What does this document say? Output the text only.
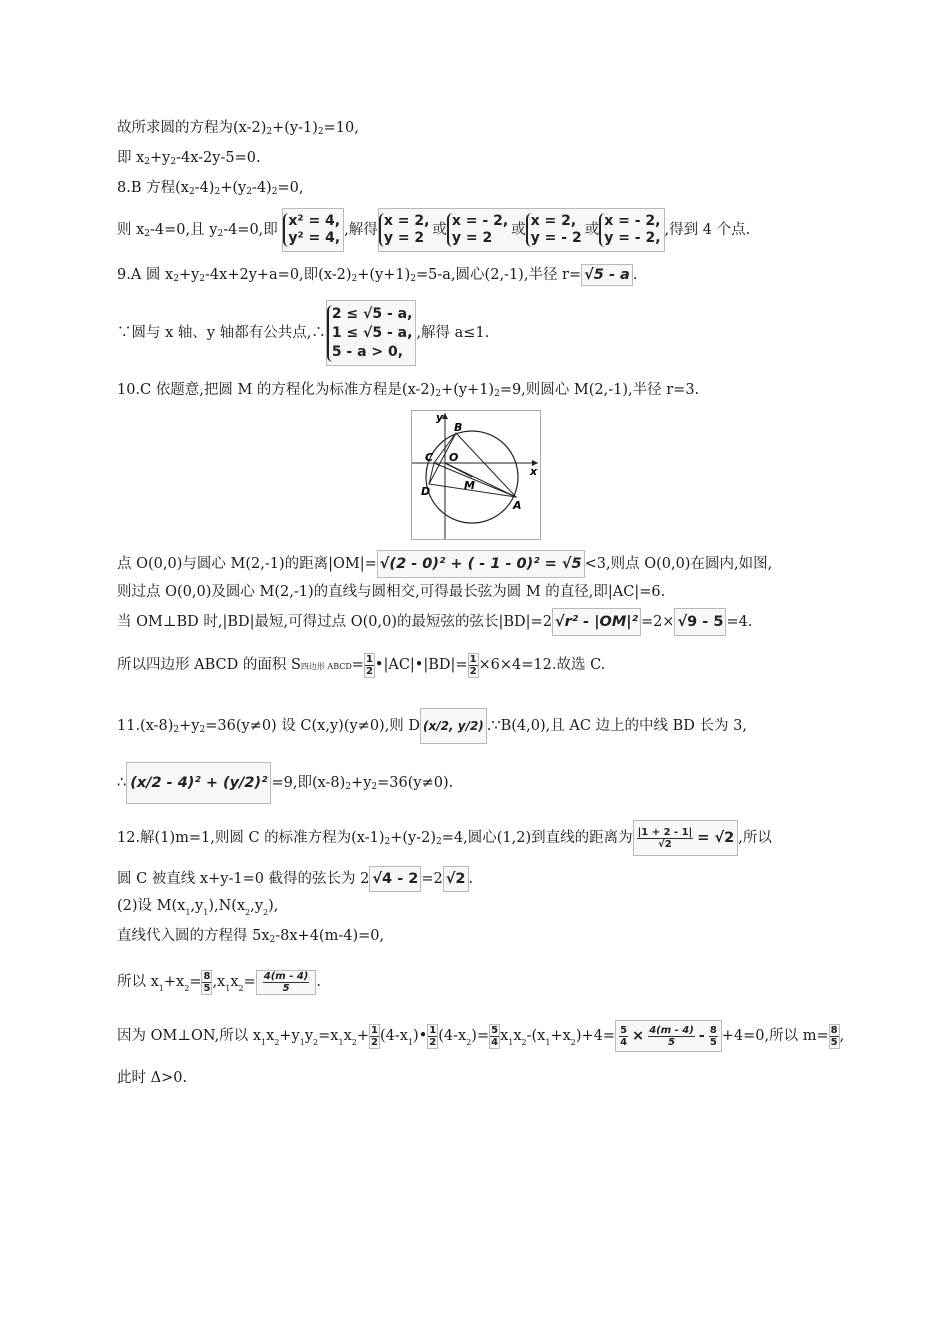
故所求圆的方程为(x-2)2+(y-1)2=10,
即 x2+y2-4x-2y-5=0.
8.B 方程(x2-4)2+(y2-4)2=0,
则 x2-4=0,且 y2-4=0,即
x² = 4,
y² = 4, ,解得
x = 2,
y = 2 或
x = - 2,
y = 2	或
x = 2,
y = - 2 或
x = - 2,
y = - 2, ,得到 4 个点.
9.A 圆 x2+y2-4x+2y+a=0,即(x-2)2+(y+1)2=5-a,圆心(2,-1),半径 r= √5 - a .
∵圆与 x 轴、y 轴都有公共点,∴
2 ≤ √5 - a,
1 ≤ √5 - a,
5 - a > 0,
,解得 a≤1.
10.C 依题意,把圆 M 的方程化为标准方程是(x-2)2+(y+1)2=9,则圆心 M(2,-1),半径 r=3.
x
y
O
B
C
D	M
A
点 O(0,0)与圆心 M(2,-1)的距离|OM|= √(2 - 0)² + ( - 1 - 0)² = √5 <3,则点 O(0,0)在圆内,如图,
则过点 O(0,0)及圆心 M(2,-1)的直线与圆相交,可得最长弦为圆 M 的直径,即|AC|=6.
当 OM⊥BD 时,|BD|最短,可得过点 O(0,0)的最短弦的弦长|BD|=2 √r² - |OM|² =2× √9 - 5 =4.
所以四边形 ABCD 的面积 S四边形 ABCD= $\frac{1}{2}$ •|AC|•|BD|= $\frac{1}{2} \times 6\times 4=12$.故选 C.
11.(x-8)2+y2=36(y≠0) 设 C(x,y)(y≠0),则 D (x/2, y/2) .∵B(4,0),且 AC 边上的中线 BD 长为 3,
∴ (x/2 - 4)² + (y/2)² =9,即(x-8)2+y2=36(y≠0).
12.解(1)m=1,则圆 C 的标准方程为(x-1)2+(y-2)2=4,圆心(1,2)到直线的距离为 $\frac{|1 + 2 - 1|}{√2} = √2$ ,所以
圆 C 被直线 x+y-1=0 截得的弦长为 2 √4 - 2 =2 √2 .
(2)设 $M(x_1,y_1),N(x_2,y_2)$,
直线代入圆的方程得 5x2-8x+4(m-4)=0,
所以 $x_1+x_2= \frac{8}{5} ,x_1x_2= \frac{4(m - 4)}{5}$ .
因为 OM⊥ON,所以 $x_1x_2+y_1y_2=x_1x_2+ \frac{1}{2}$ $(4-x_1)• \frac{1}{2} (4-x_2)= \frac{5}{4} x_1x_2-(x_1+x_2)+4= \frac{5}{4} \times \frac{4(m - 4)}{5} - \frac{8}{5} +4=0$,所以 $m= \frac{8}{5}$ ,
此时 Δ>0.
